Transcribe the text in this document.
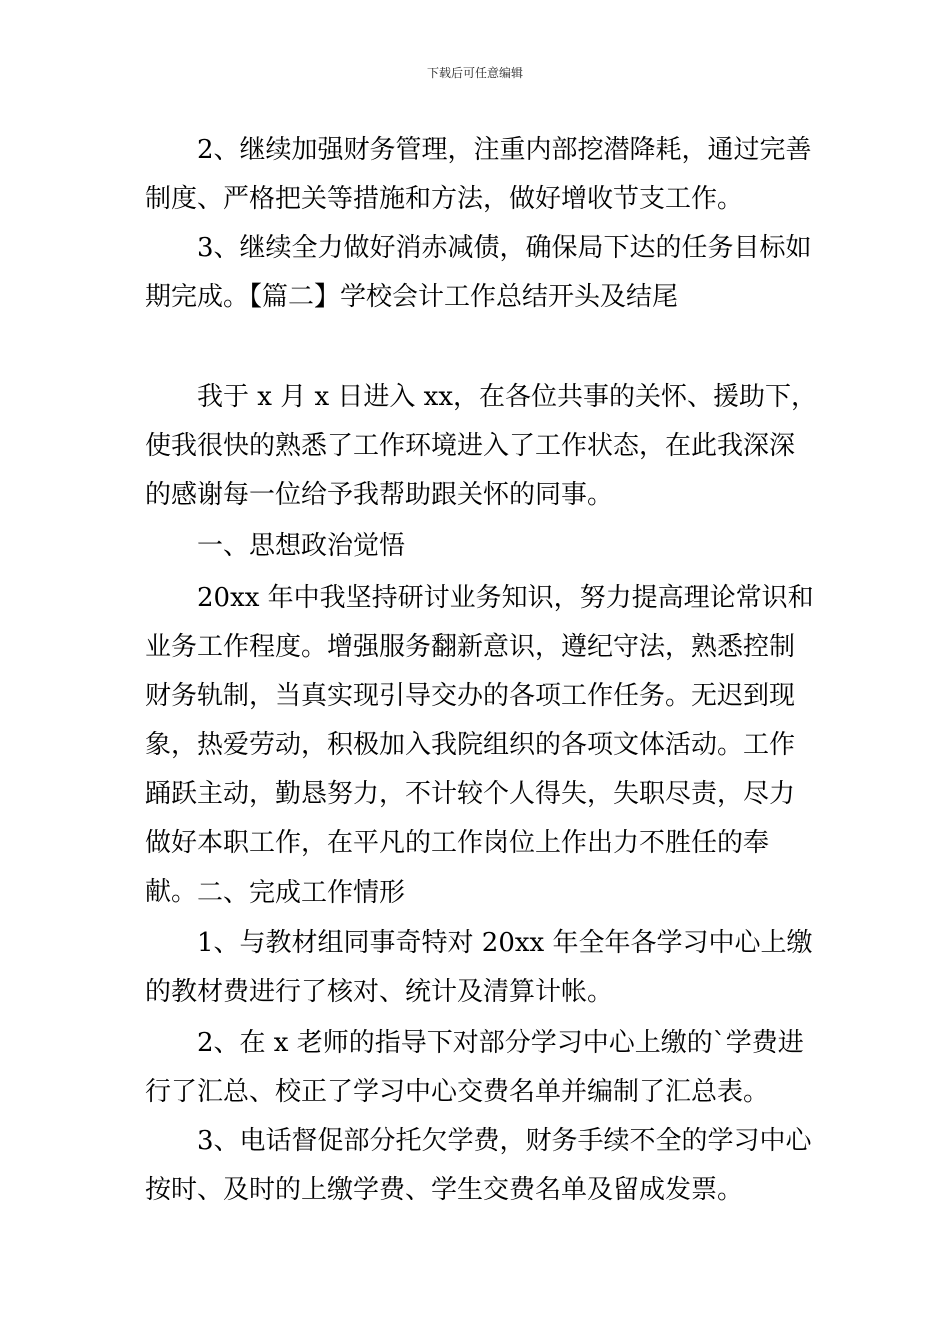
下载后可任意编辑

2、继续加强财务管理，注重内部挖潜降耗，通过完善制度、严格把关等措施和方法，做好增收节支工作。

3、继续全力做好消赤减债，确保局下达的任务目标如期完成。【篇二】学校会计工作总结开头及结尾

我于 x 月 x 日进入 xx，在各位共事的关怀、援助下，使我很快的熟悉了工作环境进入了工作状态，在此我深深的感谢每一位给予我帮助跟关怀的同事。

一、思想政治觉悟

20xx 年中我坚持研讨业务知识，努力提高理论常识和业务工作程度。增强服务翻新意识，遵纪守法，熟悉控制财务轨制，当真实现引导交办的各项工作任务。无迟到现象，热爱劳动，积极加入我院组织的各项文体活动。工作踊跃主动，勤恳努力，不计较个人得失，失职尽责，尽力做好本职工作，在平凡的工作岗位上作出力不胜任的奉献。 二、完成工作情形

1、与教材组同事奇特对 20xx 年全年各学习中心上缴的教材费进行了核对、统计及清算计帐。

2、在 x 老师的指导下对部分学习中心上缴的`学费进行了汇总、校正了学习中心交费名单并编制了汇总表。

3、电话督促部分托欠学费，财务手续不全的学习中心按时、及时的上缴学费、学生交费名单及留成发票。
